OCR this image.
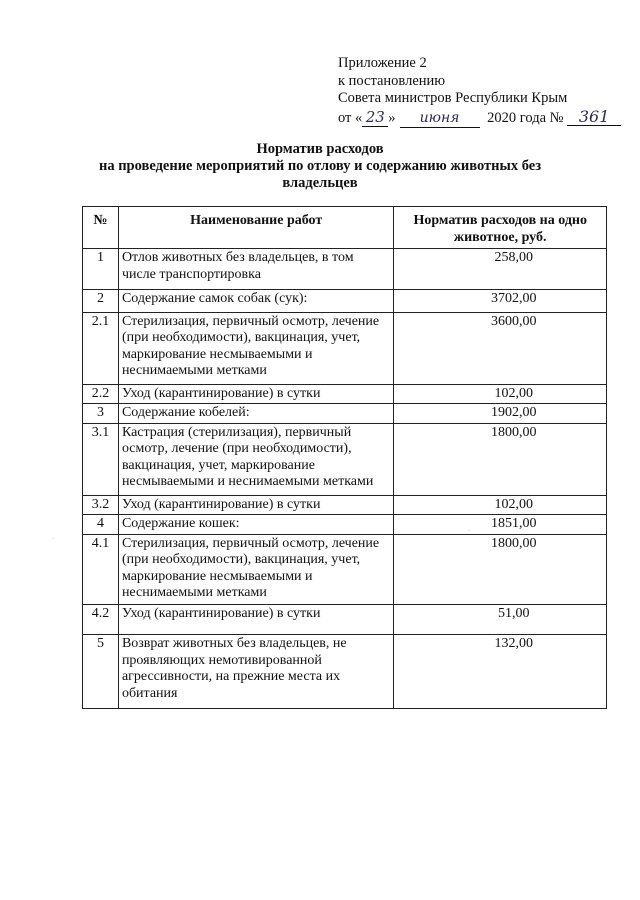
Приложение 2
к постановлению
Совета министров Республики Крым
от « 23 » июня 2020 года № 361
Норматив расходов
на проведение мероприятий по отлову и содержанию животных без
владельцев
№	Наименование работ	Норматив расходов на одно животное, руб.
1	Отлов животных без владельцев, в том числе транспортировка	258,00
2	Содержание самок собак (сук):	3702,00
2.1	Стерилизация, первичный осмотр, лечение (при необходимости), вакцинация, учет, маркирование несмываемыми и неснимаемыми метками	3600,00
2.2	Уход (карантинирование) в сутки	102,00
3	Содержание кобелей:	1902,00
3.1	Кастрация (стерилизация), первичный осмотр, лечение (при необходимости), вакцинация, учет, маркирование несмываемыми и неснимаемыми метками	1800,00
3.2	Уход (карантинирование) в сутки	102,00
4	Содержание кошек:	1851,00
4.1	Стерилизация, первичный осмотр, лечение (при необходимости), вакцинация, учет, маркирование несмываемыми и неснимаемыми метками	1800,00
4.2	Уход (карантинирование) в сутки	51,00
5	Возврат животных без владельцев, не проявляющих немотивированной агрессивности, на прежние места их обитания	132,00
·
·
